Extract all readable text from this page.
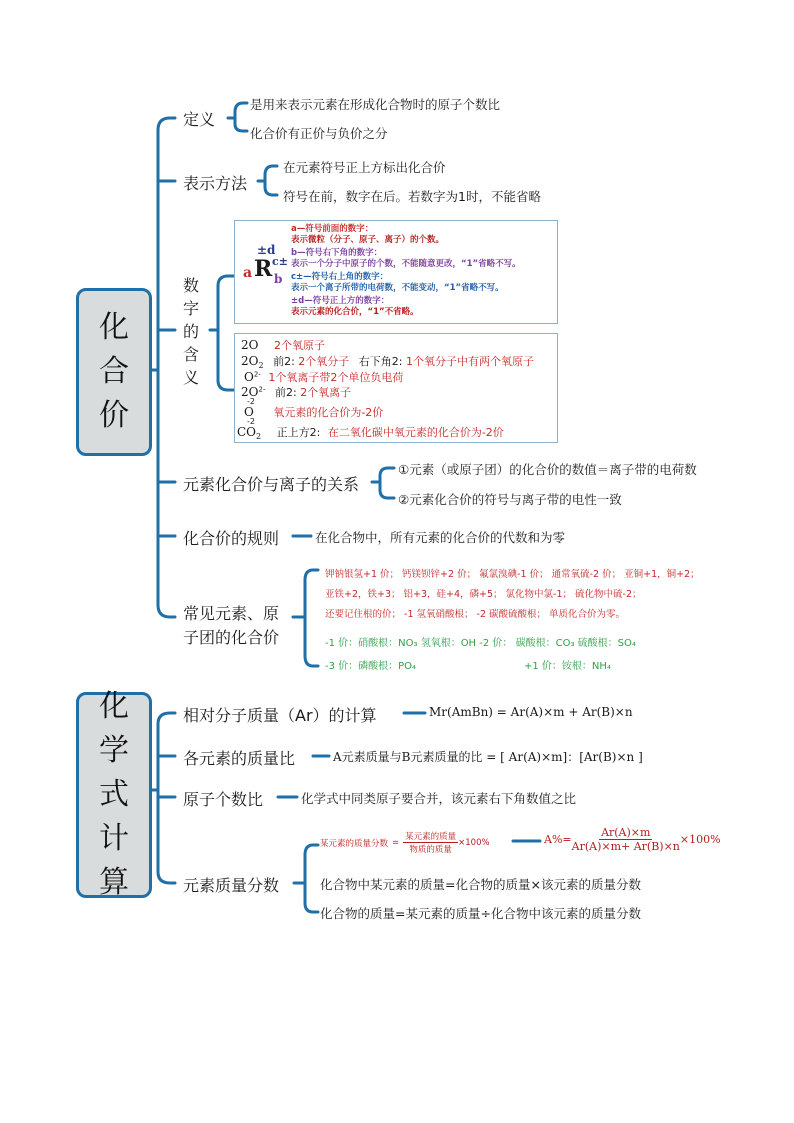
化
合
价
定义
是用来表示元素在形成化合物时的原子个数比
化合价有正价与负价之分
表示方法
在元素符号正上方标出化合价
符号在前，数字在后。若数字为1时，不能省略
数
字
的
含
义
±d
a R c±
b
a—符号前面的数字：
表示微粒（分子、原子、离子）的个数。
b—符号右下角的数字：
表示一个分子中原子的个数，不能随意更改，“1”省略不写。
c±—符号右上角的数字：
表示一个离子所带的电荷数，不能变动，“1”省略不写。
±d—符号正上方的数字：
表示元素的化合价，“1”不省略。
2O 2个氧原子
$2O_2$ 前2: 2个氧分子 右下角2: 1个氧分子中有两个氧原子
$O^{2-}$ 1个氧离子带2个单位负电荷
$2O^{2-}$ 前2: 2个氧离子
-2
O 氧元素的化合价为-2价
-2
$CO_2$ 正上方2: 在二氧化碳中氧元素的化合价为-2价
元素化合价与离子的关系
①元素（或原子团）的化合价的数值＝离子带的电荷数
②元素化合价的符号与离子带的电性一致
化合价的规则	在化合物中，所有元素的化合价的代数和为零
常见元素、原
子团的化合价
钾钠银氢+1 价； 钙镁钡锌+2 价； 氟氯溴碘-1 价； 通常氧硫-2 价； 亚铜+1，铜+2；
亚铁+2，铁+3； 铝+3，硅+4，磷+5； 氯化物中氯-1； 硫化物中硫-2；
还要记住根的价； -1 氢氧硝酸根； -2 碳酸硫酸根； 单质化合价为零。
-1 价：硝酸根：NO₃ 氢氧根：OH -2 价： 碳酸根：CO₃ 硫酸根：SO₄
-3 价：磷酸根：PO₄	+1 价：铵根：NH₄
化
学
式
计
算
相对分子质量（Ar）的计算	Mr(AmBn) = Ar(A)×m + Ar(B)×n
各元素的质量比	A元素质量与B元素质量的比 = [ Ar(A)×m]：[Ar(B)×n ]
原子个数比	化学式中同类原子要合并，该元素右下角数值之比
元素质量分数
某元素的质量分数 = $\frac{\text{某元素的质量}}{\text{物质的质量}} \times 100\%$	$A\%= \frac{Ar(A)\times m}{Ar(A)\times m+ Ar(B)\times n} \times 100\%$
化合物中某元素的质量=化合物的质量×该元素的质量分数
化合物的质量=某元素的质量÷化合物中该元素的质量分数
